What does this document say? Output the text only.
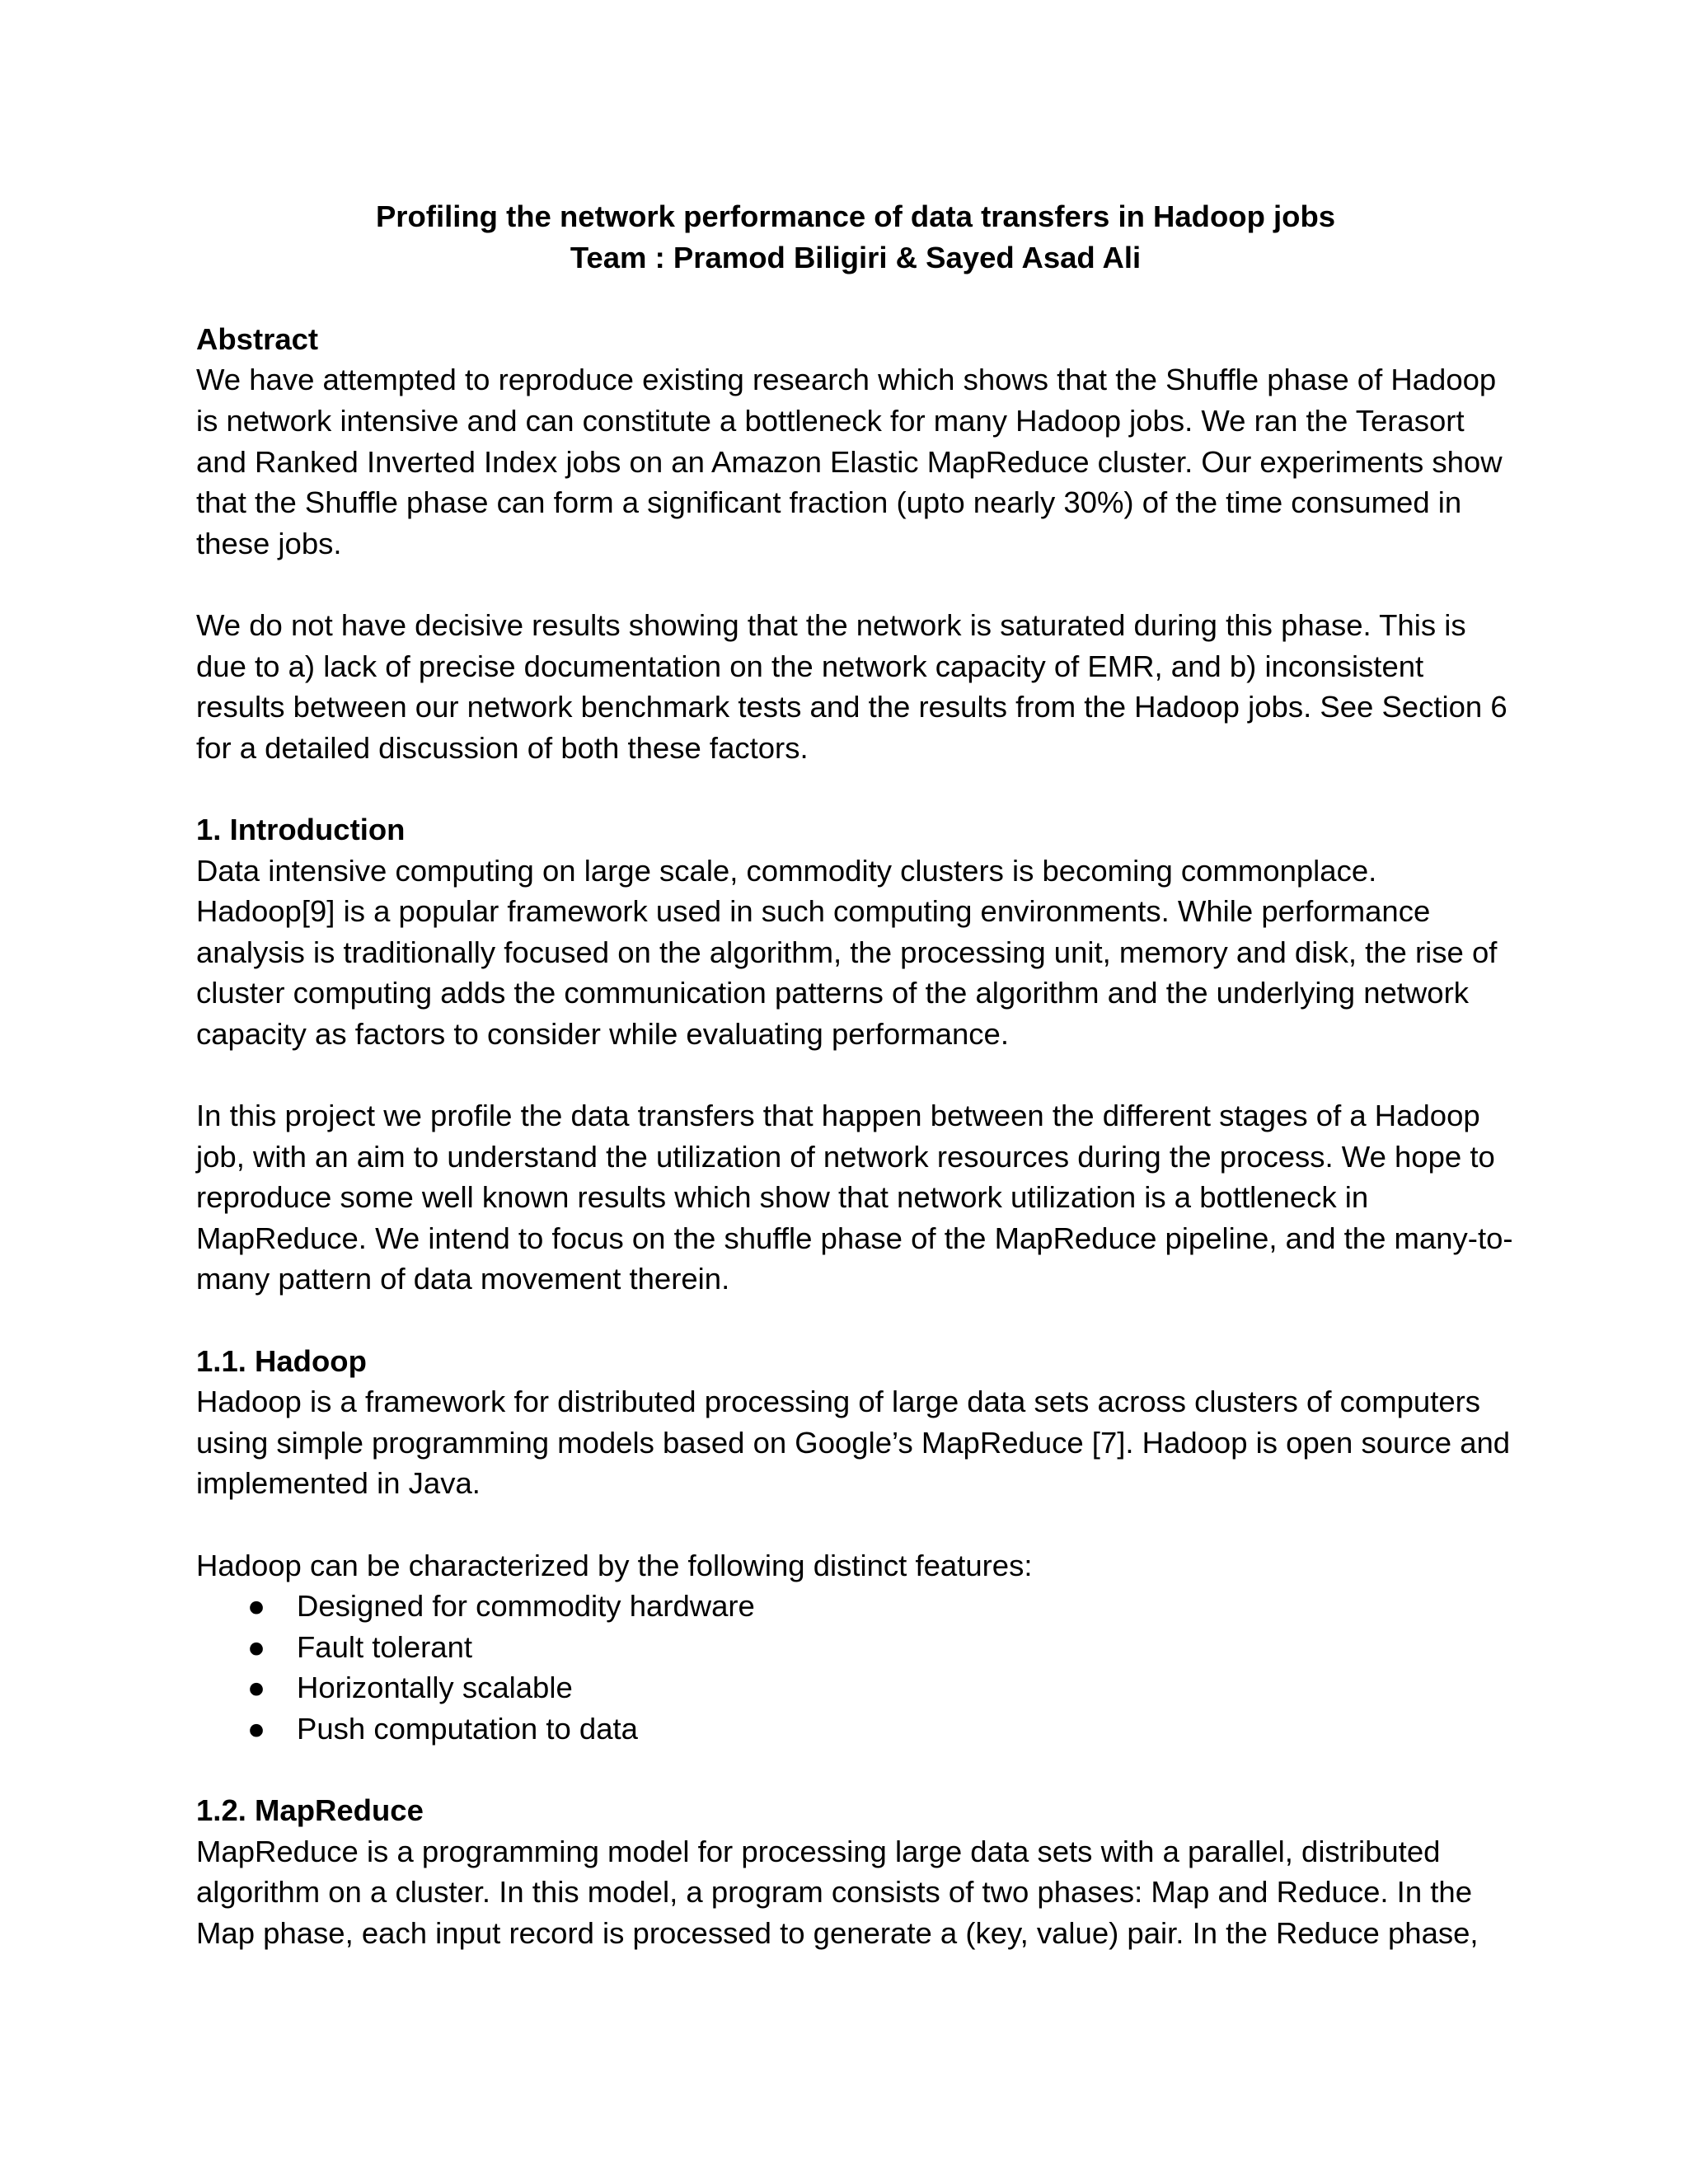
Profiling the network performance of data transfers in Hadoop jobs
Team : Pramod Biligiri & Sayed Asad Ali

Abstract

We have attempted to reproduce existing research which shows that the Shuffle phase of Hadoop is network intensive and can constitute a bottleneck for many Hadoop jobs. We ran the Terasort and Ranked Inverted Index jobs on an Amazon Elastic MapReduce cluster. Our experiments show that the Shuffle phase can form a significant fraction (upto nearly 30%) of the time consumed in these jobs.

We do not have decisive results showing that the network is saturated during this phase. This is due to a) lack of precise documentation on the network capacity of EMR, and b) inconsistent results between our network benchmark tests and the results from the Hadoop jobs. See Section 6 for a detailed discussion of both these factors.

1. Introduction

Data intensive computing on large scale, commodity clusters is becoming commonplace. Hadoop[9] is a popular framework used in such computing environments. While performance analysis is traditionally focused on the algorithm, the processing unit, memory and disk, the rise of cluster computing adds the communication patterns of the algorithm and the underlying network capacity as factors to consider while evaluating performance.

In this project we profile the data transfers that happen between the different stages of a Hadoop job, with an aim to understand the utilization of network resources during the process. We hope to reproduce some well known results which show that network utilization is a bottleneck in MapReduce. We intend to focus on the shuffle phase of the MapReduce pipeline, and the many-to-many pattern of data movement therein.

1.1. Hadoop

Hadoop is a framework for distributed processing of large data sets across clusters of computers using simple programming models based on Google’s MapReduce [7]. Hadoop is open source and implemented in Java.

Hadoop can be characterized by the following distinct features:

● Designed for commodity hardware
● Fault tolerant
● Horizontally scalable
● Push computation to data

1.2. MapReduce

MapReduce is a programming model for processing large data sets with a parallel, distributed algorithm on a cluster. In this model, a program consists of two phases: Map and Reduce. In the Map phase, each input record is processed to generate a (key, value) pair. In the Reduce phase,
